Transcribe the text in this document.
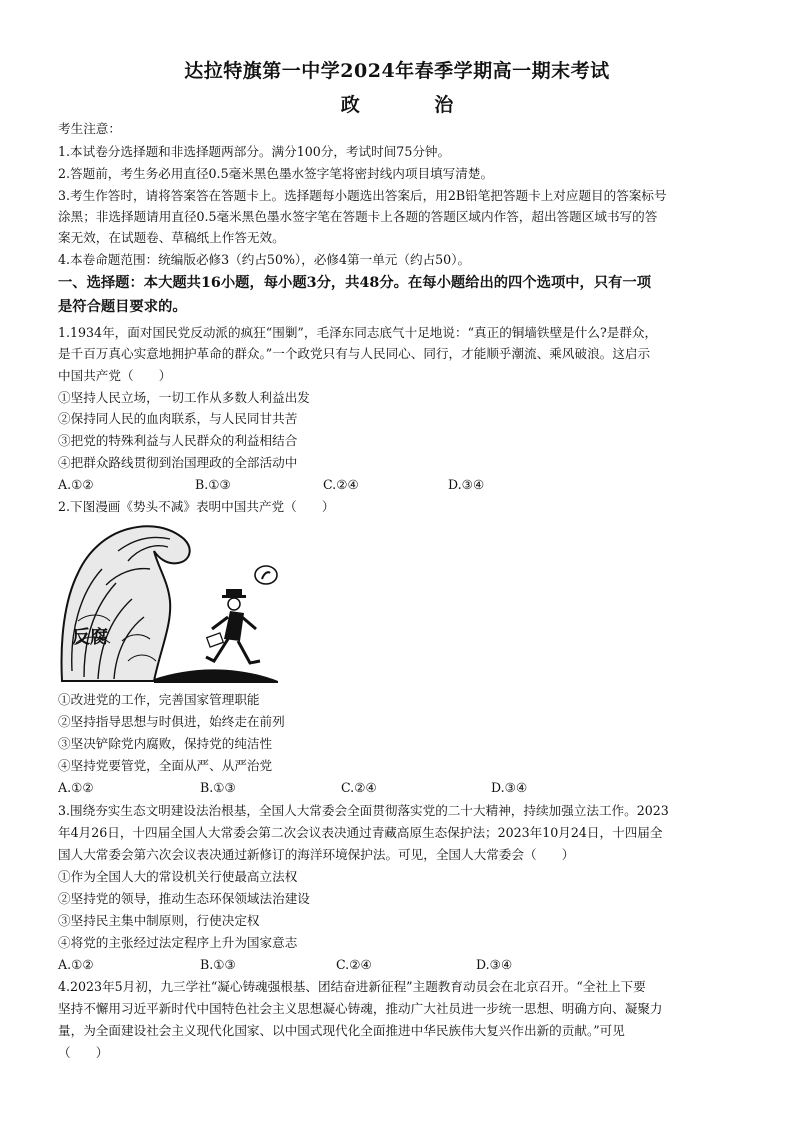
达拉特旗第一中学2024年春季学期高一期末考试
政 治
考生注意：
1.本试卷分选择题和非选择题两部分。满分100分，考试时间75分钟。
2.答题前，考生务必用直径0.5毫米黑色墨水签字笔将密封线内项目填写清楚。
3.考生作答时，请将答案答在答题卡上。选择题每小题选出答案后，用2B铅笔把答题卡上对应题目的答案标号
涂黑；非选择题请用直径0.5毫米黑色墨水签字笔在答题卡上各题的答题区域内作答，超出答题区域书写的答
案无效，在试题卷、草稿纸上作答无效。
4.本卷命题范围：统编版必修3（约占50%），必修4第一单元（约占50）。
一、选择题：本大题共16小题，每小题3分，共48分。在每小题给出的四个选项中，只有一项
是符合题目要求的。
1.1934年，面对国民党反动派的疯狂“围剿”，毛泽东同志底气十足地说：“真正的铜墙铁壁是什么?是群众，
是千百万真心实意地拥护革命的群众。”一个政党只有与人民同心、同行，才能顺乎潮流、乘风破浪。这启示
中国共产党（　　）
①坚持人民立场，一切工作从多数人利益出发
②保持同人民的血肉联系，与人民同甘共苦
③把党的特殊利益与人民群众的利益相结合
④把群众路线贯彻到治国理政的全部活动中
A.①②	B.①③	C.②④	D.③④
2.下图漫画《势头不减》表明中国共产党（　　）
反腐
①改进党的工作，完善国家管理职能
②坚持指导思想与时俱进，始终走在前列
③坚决铲除党内腐败，保持党的纯洁性
④坚持党要管党，全面从严、从严治党
A.①②	B.①③	C.②④	D.③④
3.围绕夯实生态文明建设法治根基，全国人大常委会全面贯彻落实党的二十大精神，持续加强立法工作。2023
年4月26日，十四届全国人大常委会第二次会议表决通过青藏高原生态保护法；2023年10月24日，十四届全
国人大常委会第六次会议表决通过新修订的海洋环境保护法。可见，全国人大常委会（　　）
①作为全国人大的常设机关行使最高立法权
②坚持党的领导，推动生态环保领域法治建设
③坚持民主集中制原则，行使决定权
④将党的主张经过法定程序上升为国家意志
A.①②	B.①③	C.②④	D.③④
4.2023年5月初，九三学社“凝心铸魂强根基、团结奋进新征程”主题教育动员会在北京召开。“全社上下要
坚持不懈用习近平新时代中国特色社会主义思想凝心铸魂，推动广大社员进一步统一思想、明确方向、凝聚力
量，为全面建设社会主义现代化国家、以中国式现代化全面推进中华民族伟大复兴作出新的贡献。”可见
（　　）
